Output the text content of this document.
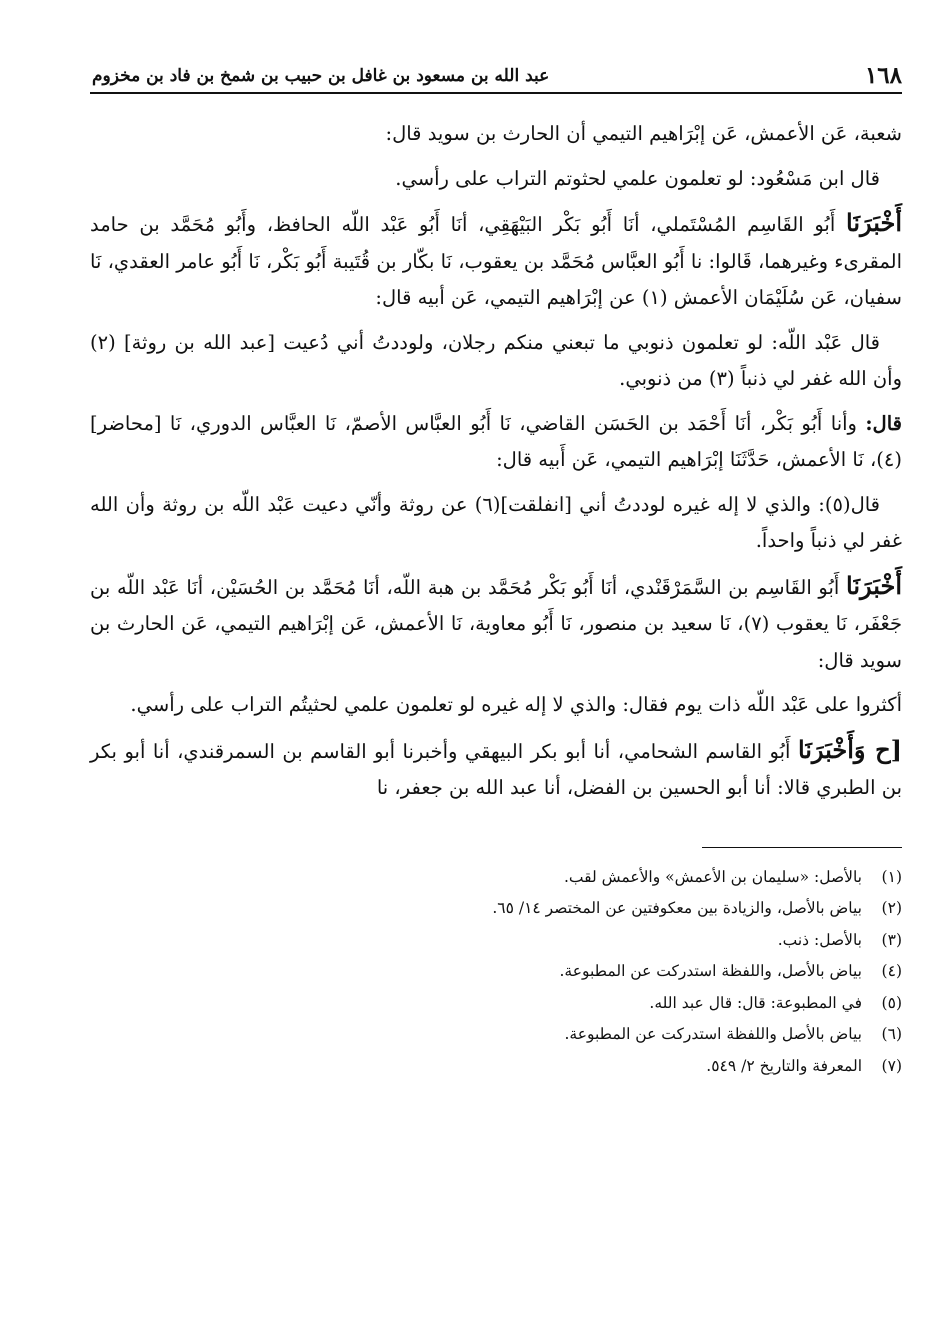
١٦٨
عبد الله بن مسعود بن غافل بن حبيب بن شمخ بن فاد بن مخزوم

شعبة، عَن الأعمش، عَن إبْرَاهيم التيمي أن الحارث بن سويد قال:

قال ابن مَسْعُود: لو تعلمون علمي لحثوتم التراب على رأسي.

أَخْبَرَنَا أَبُو القَاسِم المُسْتَملي، أنَا أَبُو بَكْر البَيْهَقِي، أنَا أَبُو عَبْد اللّه الحافظ، وأَبُو مُحَمَّد بن حامد المقرىء وغيرهما، قَالوا: نا أَبُو العبَّاس مُحَمَّد بن يعقوب، نَا بكّار بن قُتَيبة أَبُو بَكْر، نَا أَبُو عامر العقدي، نَا سفيان، عَن سُلَيْمَان الأعمش (١) عن إبْرَاهيم التيمي، عَن أبيه قال:

قال عَبْد اللّه: لو تعلمون ذنوبي ما تبعني منكم رجلان، ولوددتُ أني دُعيت [عبد الله بن روثة] (٢) وأن الله غفر لي ذنباً (٣) من ذنوبي.

قال: وأنا أَبُو بَكْر، أنَا أَحْمَد بن الحَسَن القاضي، نَا أَبُو العبَّاس الأصمّ، نَا العبَّاس الدوري، نَا [محاضر] (٤)، نَا الأعمش، حَدَّثَنَا إبْرَاهيم التيمي، عَن أَبيه قال:

قال(٥): والذي لا إله غيره لوددتُ أني [انفلقت](٦) عن روثة وأنّي دعيت عَبْد اللّه بن روثة وأن الله غفر لي ذنباً واحداً.

أَخْبَرَنَا أَبُو القَاسِم بن السَّمَرْقَنْدي، أنَا أَبُو بَكْر مُحَمَّد بن هبة اللّه، أنَا مُحَمَّد بن الحُسَيْن، أنَا عَبْد اللّه بن جَعْفَر، نَا يعقوب (٧)، نَا سعيد بن منصور، نَا أَبُو معاوية، نَا الأعمش، عَن إبْرَاهيم التيمي، عَن الحارث بن سويد قال:

أكثروا على عَبْد اللّه ذات يوم فقال: والذي لا إله غيره لو تعلمون علمي لحثيتُم التراب على رأسي.

[ح وَأَخْبَرَنَا أَبُو القاسم الشحامي، أنا أبو بكر البيهقي وأخبرنا أبو القاسم بن السمرقندي، أنا أبو بكر بن الطبري قالا: أنا أبو الحسين بن الفضل، أنا عبد الله بن جعفر، نا

(١)بالأصل: «سليمان بن الأعمش» والأعمش لقب.
(٢)بياض بالأصل، والزيادة بين معكوفتين عن المختصر ١٤/ ٦٥.
(٣)بالأصل: ذنب.
(٤)بياض بالأصل، واللفظة استدركت عن المطبوعة.
(٥)في المطبوعة: قال: قال عبد الله.
(٦)بياض بالأصل واللفظة استدركت عن المطبوعة.
(٧)المعرفة والتاريخ ٢/ ٥٤٩.
